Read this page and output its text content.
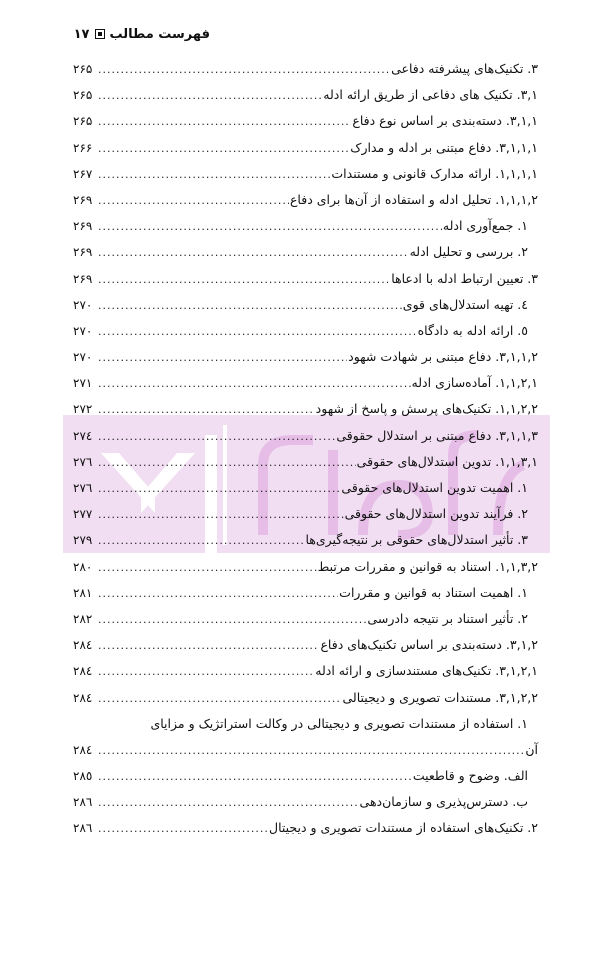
فهرست مطالب
۱۷
۳. تکنیک‌های پیشرفته دفاعی
.....
۲۶۵
۳,۱. تکنیک های دفاعی از طریق ارائه ادله
.....
۲۶۵
۳,۱,۱. دسته‌بندی بر اساس نوع دفاع
.....
۲۶۵
۳,۱,۱,۱. دفاع مبتنی بر ادله و مدارک
.....
۲۶۶
۱,۱,۱,۱. ارائه مدارک قانونی و مستندات
.....
۲۶۷
۱,۱,۱,۲. تحلیل ادله و استفاده از آن‌ها برای دفاع
.....
۲۶۹
۱. جمع‌آوری ادله
.....
۲۶۹
۲. بررسی و تحلیل ادله
.....
۲۶۹
۳. تعیین ارتباط ادله با ادعاها
.....
۲۶۹
٤. تهیه استدلال‌های قوی
.....
۲۷۰
٥. ارائه ادله به دادگاه
.....
۲۷۰
۳,۱,۱,۲. دفاع مبتنی بر شهادت شهود
.....
۲۷۰
۱,۱,۲,۱. آماده‌سازی ادله
.....
۲۷۱
۱,۱,۲,۲. تکنیک‌های پرسش و پاسخ از شهود
.....
۲۷۲
۳,۱,۱,۳. دفاع مبتنی بر استدلال حقوقی
.....
۲۷٤
۱,۱,۳,۱. تدوین استدلال‌های حقوقی
.....
۲۷٦
۱. اهمیت تدوین استدلال‌های حقوقی
.....
۲۷٦
۲. فرآیند تدوین استدلال‌های حقوقی
.....
۲۷۷
۳. تأثیر استدلال‌های حقوقی بر نتیجه‌گیری‌ها
.....
۲۷۹
۱,۱,۳,۲. استناد به قوانین و مقررات مرتبط
.....
۲۸۰
۱. اهمیت استناد به قوانین و مقررات
.....
۲۸۱
۲. تأثیر استناد بر نتیجه دادرسی
.....
۲۸۲
۳,۱,۲. دسته‌بندی بر اساس تکنیک‌های دفاع
.....
۲۸٤
۳,۱,۲,۱. تکنیک‌های مستندسازی و ارائه ادله
.....
۲۸٤
۳,۱,۲,۲. مستندات تصویری و دیجیتالی
.....
۲۸٤
۱. استفاده از مستندات تصویری و دیجیتالی در وکالت استراتژیک و مزایای
آن
.....
۲۸٤
الف. وضوح و قاطعیت
.....
۲۸٥
ب. دسترس‌پذیری و سازمان‌دهی
.....
۲۸٦
۲. تکنیک‌های استفاده از مستندات تصویری و دیجیتال
.....
۲۸٦
